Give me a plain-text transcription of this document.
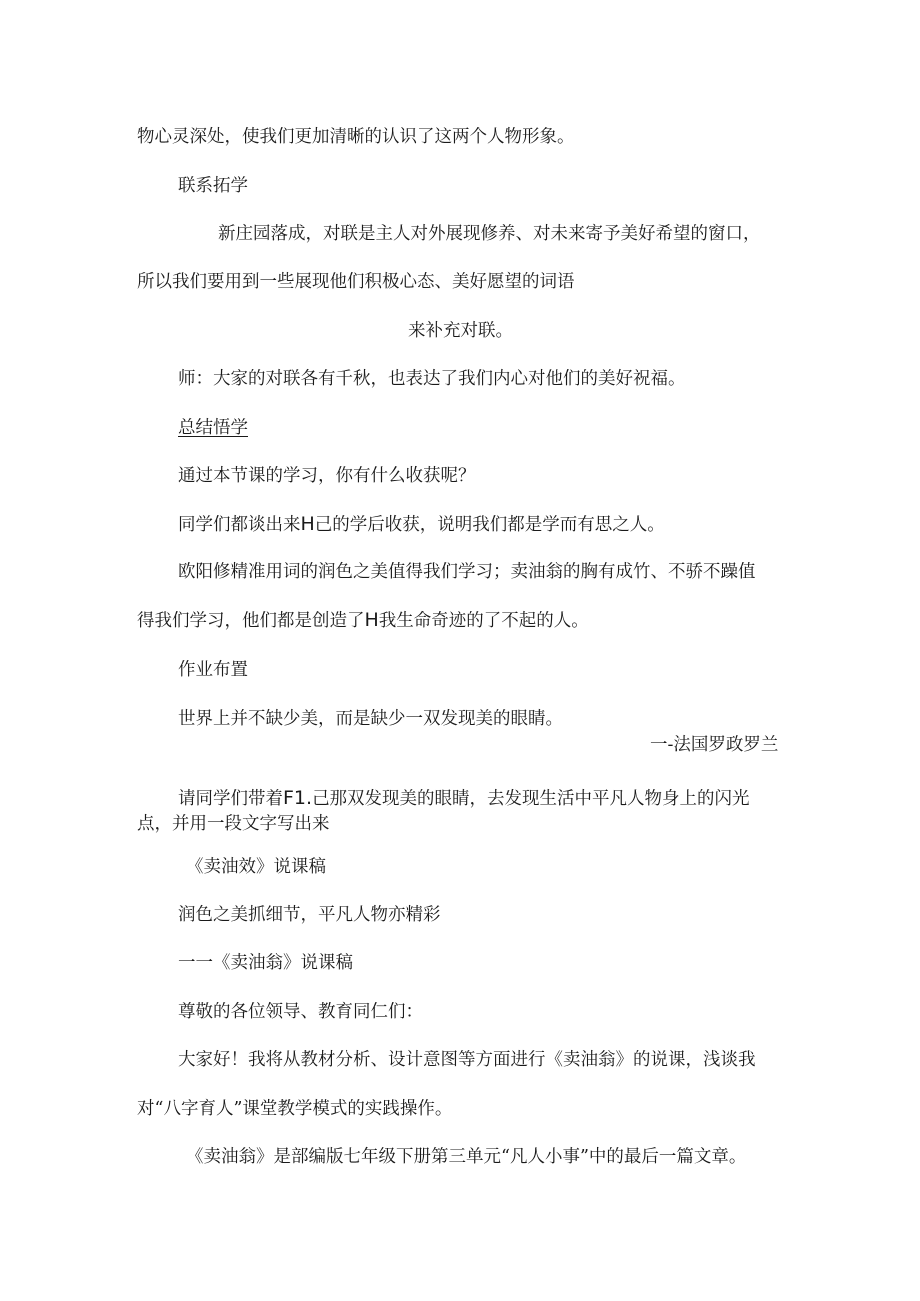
物心灵深处，使我们更加清晰的认识了这两个人物形象。
联系拓学
新庄园落成，对联是主人对外展现修养、对未来寄予美好希望的窗口，
所以我们要用到一些展现他们积极心态、美好愿望的词语
来补充对联。
师：大家的对联各有千秋，也表达了我们内心对他们的美好祝福。
总结悟学
通过本节课的学习，你有什么收获呢？
同学们都谈出来H己的学后收获，说明我们都是学而有思之人。
欧阳修精准用词的润色之美值得我们学习；卖油翁的胸有成竹、不骄不躁值
得我们学习，他们都是创造了H我生命奇迹的了不起的人。
作业布置
世界上并不缺少美，而是缺少一双发现美的眼睛。
一-法国罗政罗兰
请同学们带着F1.己那双发现美的眼睛，去发现生活中平凡人物身上的闪光
点，并用一段文字写出来
《卖油效》说课稿
润色之美抓细节，平凡人物亦精彩
一一《卖油翁》说课稿
尊敬的各位领导、教育同仁们：
大家好！我将从教材分析、设计意图等方面进行《卖油翁》的说课，浅谈我
对“八字育人”课堂教学模式的实践操作。
《卖油翁》是部编版七年级下册第三单元“凡人小事”中的最后一篇文章。
